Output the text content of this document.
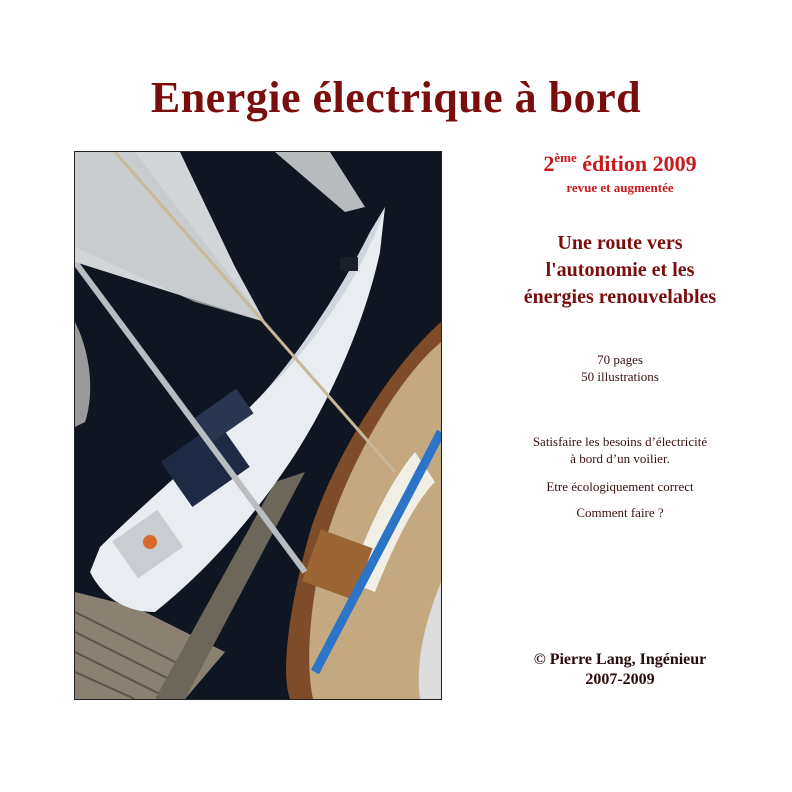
Energie électrique à bord
2ème édition 2009
revue et augmentée
Une route vers
l'autonomie et les
énergies renouvelables
70 pages
50 illustrations
Satisfaire les besoins d’électricité
à bord d’un voilier.
Etre écologiquement correct
Comment faire ?
© Pierre Lang, Ingénieur
2007-2009
